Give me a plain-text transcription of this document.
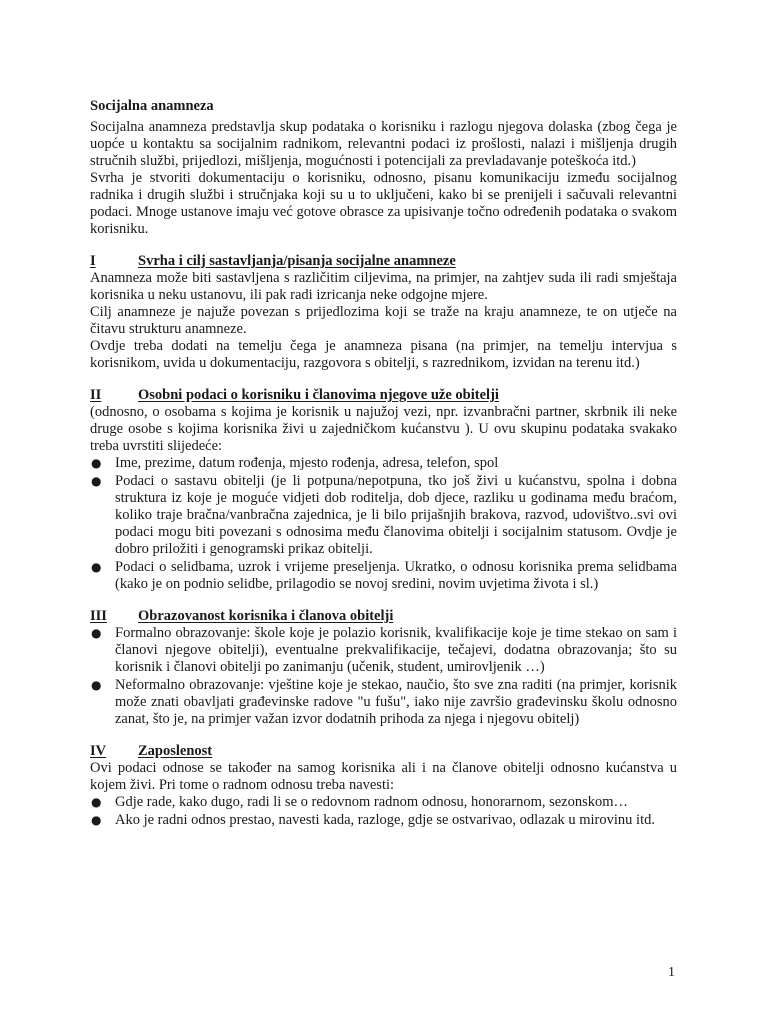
Socijalna anamneza

Socijalna anamneza predstavlja skup podataka o korisniku i razlogu njegova dolaska (zbog čega je uopće u kontaktu sa socijalnim radnikom, relevantni podaci iz prošlosti, nalazi i mišljenja drugih stručnih službi, prijedlozi, mišljenja, mogućnosti i potencijali za prevladavanje poteškoća itd.)

Svrha je stvoriti dokumentaciju o korisniku, odnosno, pisanu komunikaciju između socijalnog radnika i drugih službi i stručnjaka koji su u to uključeni, kako bi se prenijeli i sačuvali relevantni podaci. Mnoge ustanove imaju već gotove obrasce za upisivanje točno određenih podataka o svakom korisniku.

I	Svrha i cilj sastavljanja/pisanja socijalne anamneze

Anamneza može biti sastavljena s različitim ciljevima, na primjer, na zahtjev suda ili radi smještaja korisnika u neku ustanovu, ili pak radi izricanja neke odgojne mjere.

Cilj anamneze je najuže povezan s prijedlozima koji se traže na kraju anamneze, te on utječe na čitavu strukturu anamneze.

Ovdje treba dodati na temelju čega je anamneza pisana (na primjer, na temelju intervjua s korisnikom, uvida u dokumentaciju, razgovora s obitelji, s razrednikom, izvidan na terenu itd.)

II	Osobni podaci o korisniku i članovima njegove uže obitelji

(odnosno, o osobama s kojima je korisnik u najužoj vezi, npr. izvanbračni partner, skrbnik ili neke druge osobe s kojima korisnika živi u zajedničkom kućanstvu ). U ovu skupinu podataka svakako treba uvrstiti slijedeće:

● Ime, prezime, datum rođenja, mjesto rođenja, adresa, telefon, spol
● Podaci o sastavu obitelji (je li potpuna/nepotpuna, tko još živi u kućanstvu, spolna i dobna struktura iz koje je moguće vidjeti dob roditelja, dob djece, razliku u godinama među braćom, koliko traje bračna/vanbračna zajednica, je li bilo prijašnjih brakova, razvod, udovištvo..svi ovi podaci mogu biti povezani s odnosima među članovima obitelji i socijalnim statusom. Ovdje je dobro priložiti i genogramski prikaz obitelji.
● Podaci o selidbama, uzrok i vrijeme preseljenja. Ukratko, o odnosu korisnika prema selidbama (kako je on podnio selidbe, prilagodio se novoj sredini, novim uvjetima života i sl.)

III	Obrazovanost korisnika i članova obitelji

● Formalno obrazovanje: škole koje je polazio korisnik, kvalifikacije koje je time stekao on sam i članovi njegove obitelji), eventualne prekvalifikacije, tečajevi, dodatna obrazovanja; što su korisnik i članovi obitelji po zanimanju (učenik, student, umirovljenik …)
● Neformalno obrazovanje: vještine koje je stekao, naučio, što sve zna raditi (na primjer, korisnik može znati obavljati građevinske radove "u fušu", iako nije završio građevinsku školu odnosno zanat, što je, na primjer važan izvor dodatnih prihoda za njega i njegovu obitelj)

IV	Zaposlenost

Ovi podaci odnose se također na samog korisnika ali i na članove obitelji odnosno kućanstva u kojem živi. Pri tome o radnom odnosu treba navesti:

● Gdje rade, kako dugo, radi li se o redovnom radnom odnosu, honorarnom, sezonskom…
● Ako je radni odnos prestao, navesti kada, razloge, gdje se ostvarivao, odlazak u mirovinu itd.
1
